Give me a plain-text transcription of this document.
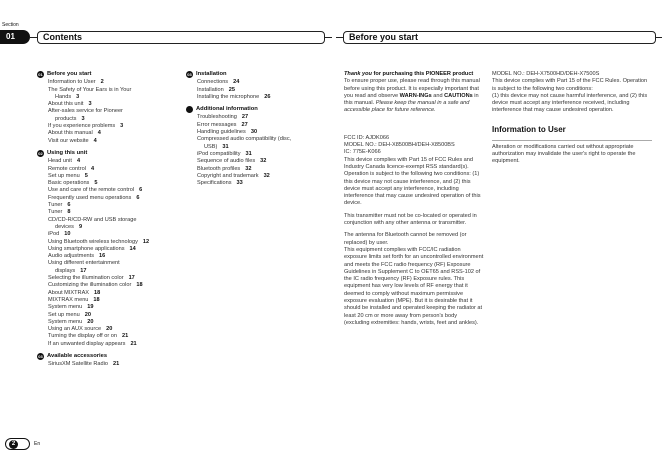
Section
01	Contents	Before you start
01 Before you start
Information to User 2
The Safety of Your Ears is in Your
Hands 3
About this unit 3
After-sales service for Pioneer
products 3
If you experience problems 3
About this manual 4
Visit our website 4
02 Using this unit
Head unit 4
Remote control 4
Set up menu 5
Basic operations 5
Use and care of the remote control 6
Frequently used menu operations 6
Tuner 6
Tuner 8
CD/CD-R/CD-RW and USB storage
devices 9
iPod 10
Using Bluetooth wireless technology 12
Using smartphone applications 14
Audio adjustments 16
Using different entertainment
displays 17
Selecting the illumination color 17
Customizing the illumination color 18
About MIXTRAX 18
MIXTRAX menu 18
System menu 19
Set up menu 20
System menu 20
Using an AUX source 20
Turning the display off or on 21
If an unwanted display appears 21
03 Available accessories
SiriusXM Satellite Radio 21
03 Installation
Connections 24
Installation 25
Installing the microphone 26
Additional information
Troubleshooting 27
Error messages 27
Handling guidelines 30
Compressed audio compatibility (disc,
USB) 31
iPod compatibility 31
Sequence of audio files 32
Bluetooth profiles 32
Copyright and trademark 32
Specifications 33
Thank you for purchasing this PIONEER product
To ensure proper use, please read through this manual before using this product. It is especially important that you read and observe WARN-INGs and CAUTIONs in this manual. Please keep the manual in a safe and accessible place for future reference.
FCC ID: AJDK066
MODEL NO.: DEH-X8500BH/DEH-X8500BS
IC: 775E-K066
This device complies with Part 15 of FCC Rules and Industry Canada licence-exempt RSS standard(s). Operation is subject to the following two conditions: (1) this device may not cause interference, and (2) this device must accept any interference, including interference that may cause undesired operation of this device.
This transmitter must not be co-located or operated in conjunction with any other antenna or transmitter.
The antenna for Bluetooth cannot be removed (or replaced) by user.
This equipment complies with FCC/IC radiation exposure limits set forth for an uncontrolled environment and meets the FCC radio frequency (RF) Exposure Guidelines in Supplement C to OET65 and RSS-102 of the IC radio frequency (RF) Exposure rules. This equipment has very low levels of RF energy that it deemed to comply without maximum permissive exposure evaluation (MPE). But it is desirable that it should be installed and operated keeping the radiator at least 20 cm or more away from person's body (excluding extremities: hands, wrists, feet and ankles).
MODEL NO.: DEH-X7500HD/DEH-X7500S
This device complies with Part 15 of the FCC Rules. Operation is subject to the following two conditions:
(1) this device may not cause harmful interference, and (2) this device must accept any interference received, including interference that may cause undesired operation.
Information to User
Alteration or modifications carried out without appropriate authorization may invalidate the user's right to operate the equipment.
2	En
